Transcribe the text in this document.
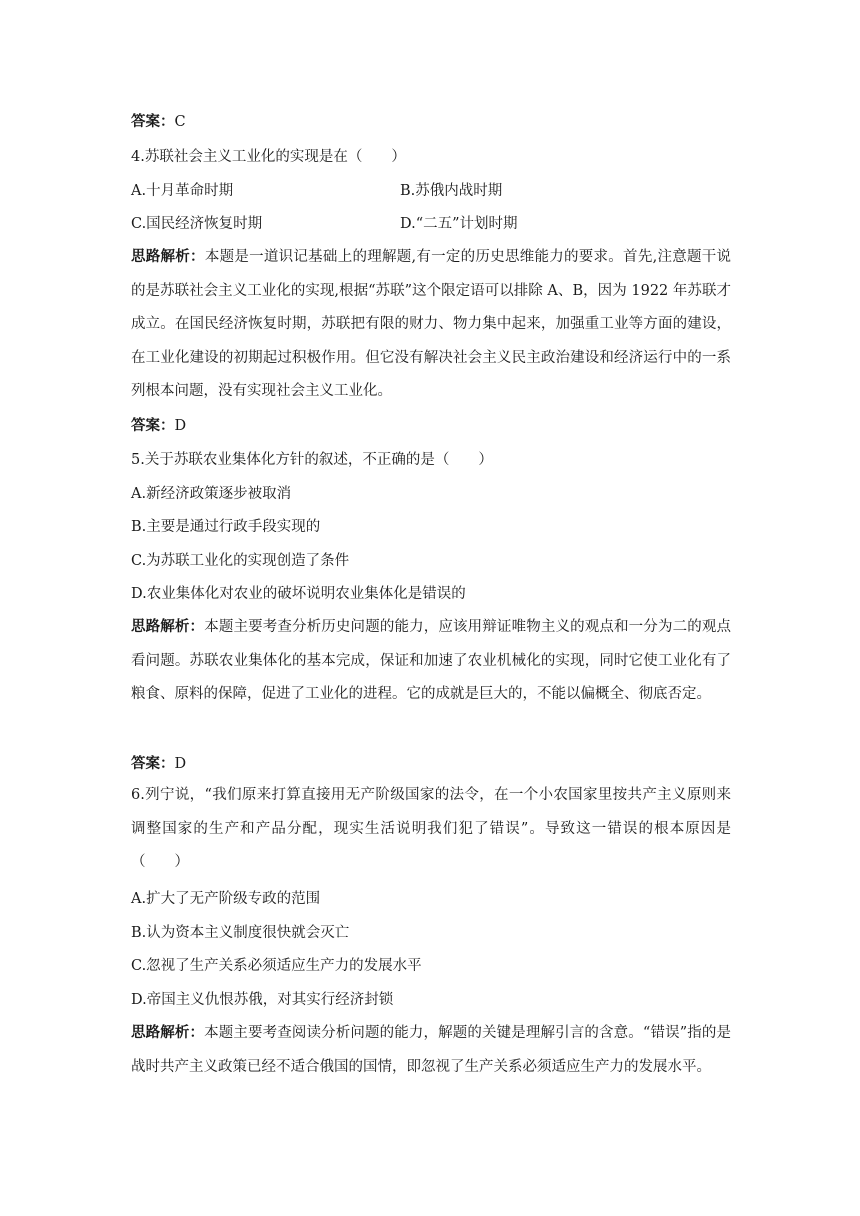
答案：C
4.苏联社会主义工业化的实现是在（　　）
A.十月革命时期	B.苏俄内战时期
C.国民经济恢复时期	D.“二五”计划时期
思路解析：本题是一道识记基础上的理解题,有一定的历史思维能力的要求。首先,注意题干说的是苏联社会主义工业化的实现,根据“苏联”这个限定语可以排除 A、B，因为 1922 年苏联才成立。在国民经济恢复时期，苏联把有限的财力、物力集中起来，加强重工业等方面的建设，在工业化建设的初期起过积极作用。但它没有解决社会主义民主政治建设和经济运行中的一系列根本问题，没有实现社会主义工业化。
答案：D
5.关于苏联农业集体化方针的叙述，不正确的是（　　）
A.新经济政策逐步被取消
B.主要是通过行政手段实现的
C.为苏联工业化的实现创造了条件
D.农业集体化对农业的破坏说明农业集体化是错误的
思路解析：本题主要考查分析历史问题的能力，应该用辩证唯物主义的观点和一分为二的观点看问题。苏联农业集体化的基本完成，保证和加速了农业机械化的实现，同时它使工业化有了粮食、原料的保障，促进了工业化的进程。它的成就是巨大的，不能以偏概全、彻底否定。
答案：D
6.列宁说，“我们原来打算直接用无产阶级国家的法令，在一个小农国家里按共产主义原则来调整国家的生产和产品分配，现实生活说明我们犯了错误”。导致这一错误的根本原因是（　　）
A.扩大了无产阶级专政的范围
B.认为资本主义制度很快就会灭亡
C.忽视了生产关系必须适应生产力的发展水平
D.帝国主义仇恨苏俄，对其实行经济封锁
思路解析：本题主要考查阅读分析问题的能力，解题的关键是理解引言的含意。“错误”指的是战时共产主义政策已经不适合俄国的国情，即忽视了生产关系必须适应生产力的发展水平。
